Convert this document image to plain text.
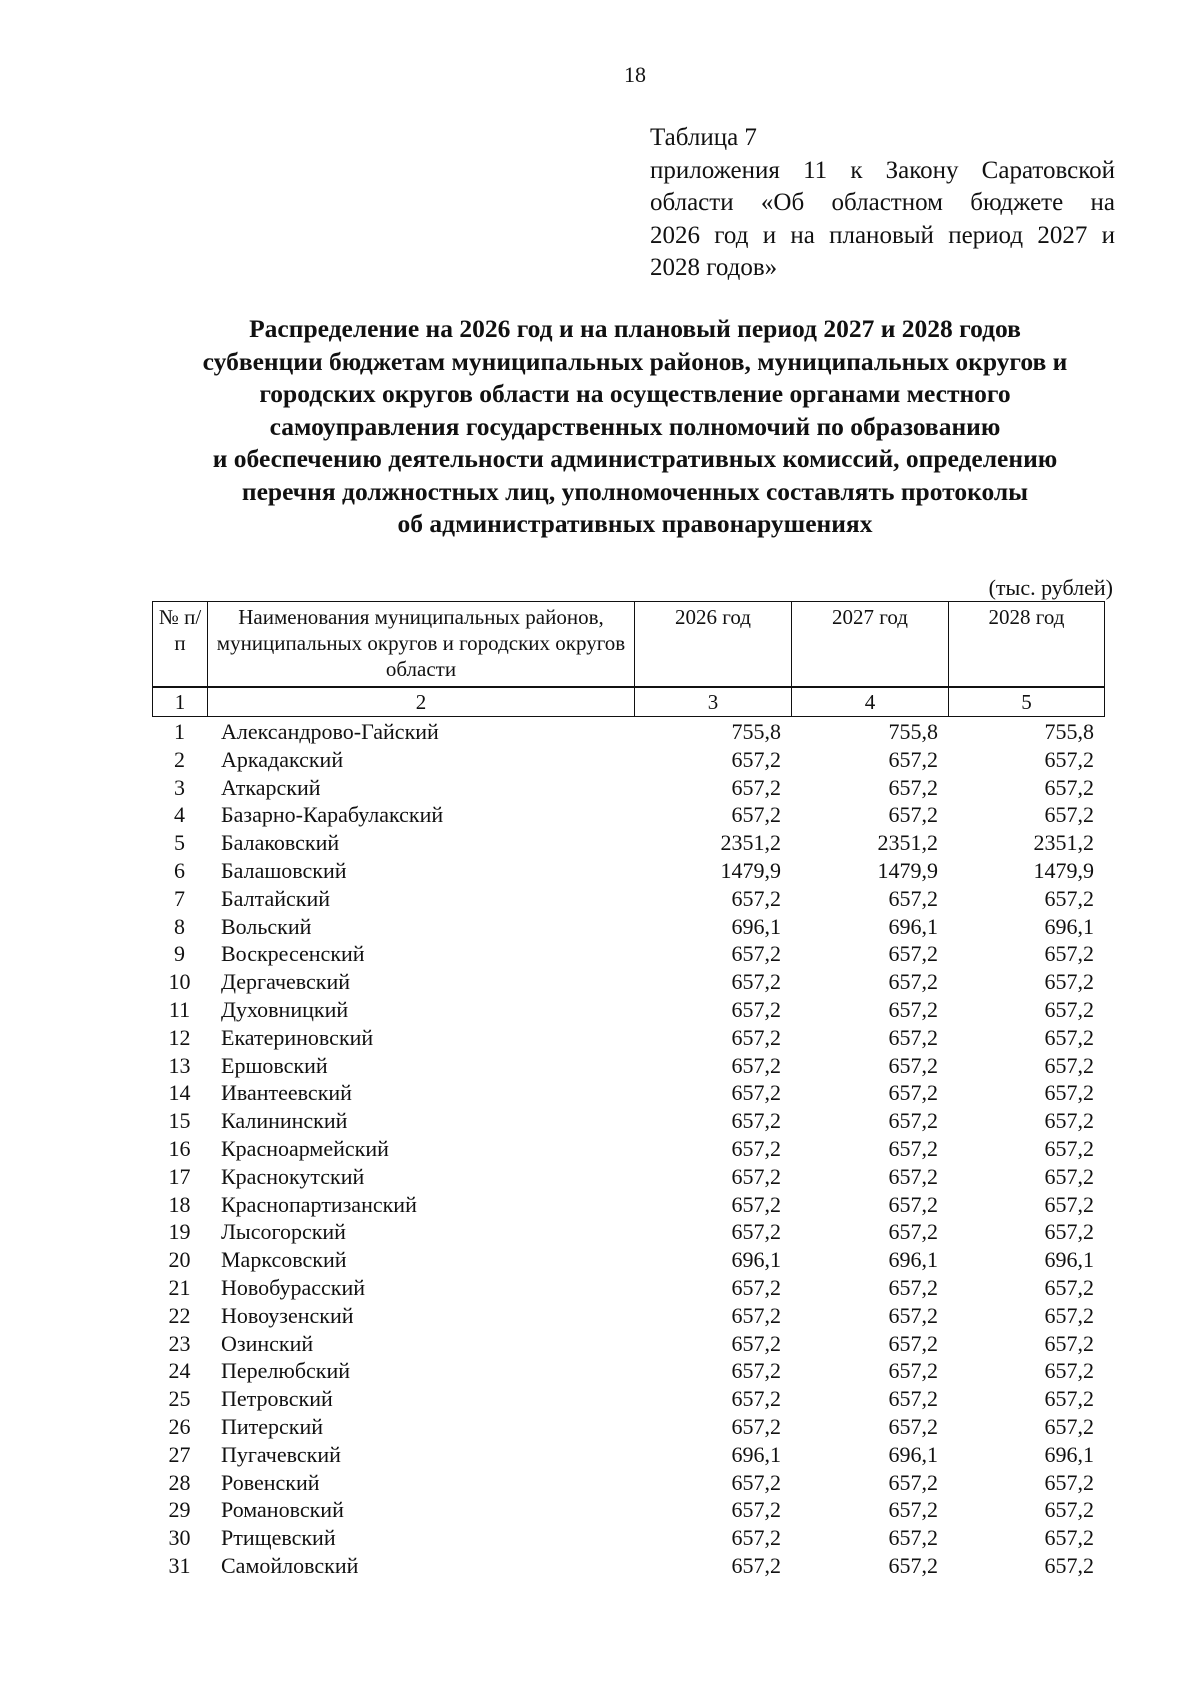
18
Таблица 7
приложения 11 к Закону Саратовской
области «Об областном бюджете на
2026 год и на плановый период 2027 и
2028 годов»
Распределение на 2026 год и на плановый период 2027 и 2028 годов
субвенции бюджетам муниципальных районов, муниципальных округов и
городских округов области на осуществление органами местного
самоуправления государственных полномочий по образованию
и обеспечению деятельности административных комиссий, определению
перечня должностных лиц, уполномоченных составлять протоколы
об административных правонарушениях
(тыс. рублей)
№ п/п	Наименования муниципальных районов, муниципальных округов и городских округов области	2026 год	2027 год	2028 год
1	2	3	4	5
1	Александрово-Гайский	755,8	755,8	755,8
2	Аркадакский	657,2	657,2	657,2
3	Аткарский	657,2	657,2	657,2
4	Базарно-Карабулакский	657,2	657,2	657,2
5	Балаковский	2351,2	2351,2	2351,2
6	Балашовский	1479,9	1479,9	1479,9
7	Балтайский	657,2	657,2	657,2
8	Вольский	696,1	696,1	696,1
9	Воскресенский	657,2	657,2	657,2
10	Дергачевский	657,2	657,2	657,2
11	Духовницкий	657,2	657,2	657,2
12	Екатериновский	657,2	657,2	657,2
13	Ершовский	657,2	657,2	657,2
14	Ивантеевский	657,2	657,2	657,2
15	Калининский	657,2	657,2	657,2
16	Красноармейский	657,2	657,2	657,2
17	Краснокутский	657,2	657,2	657,2
18	Краснопартизанский	657,2	657,2	657,2
19	Лысогорский	657,2	657,2	657,2
20	Марксовский	696,1	696,1	696,1
21	Новобурасский	657,2	657,2	657,2
22	Новоузенский	657,2	657,2	657,2
23	Озинский	657,2	657,2	657,2
24	Перелюбский	657,2	657,2	657,2
25	Петровский	657,2	657,2	657,2
26	Питерский	657,2	657,2	657,2
27	Пугачевский	696,1	696,1	696,1
28	Ровенский	657,2	657,2	657,2
29	Романовский	657,2	657,2	657,2
30	Ртищевский	657,2	657,2	657,2
31	Самойловский	657,2	657,2	657,2
